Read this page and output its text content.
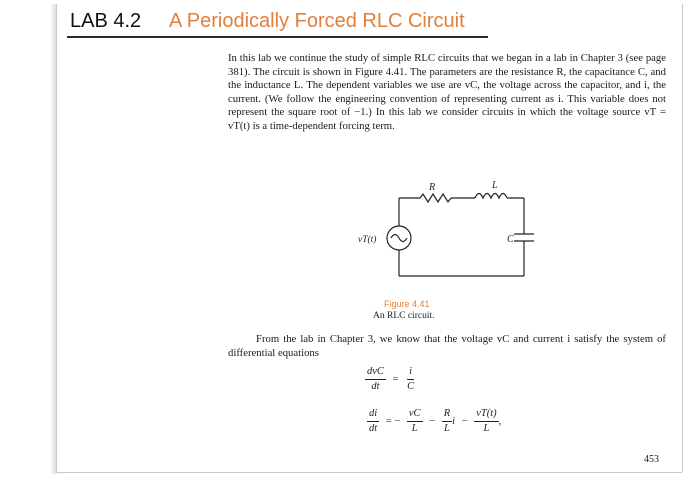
LAB 4.2 A Periodically Forced RLC Circuit

In this lab we continue the study of simple RLC circuits that we began in a lab in Chapter 3 (see page 381). The circuit is shown in Figure 4.41. The parameters are the resistance R, the capacitance C, and the inductance L. The dependent variables we use are vC, the voltage across the capacitor, and i, the current. (We follow the engineering convention of representing current as i. This variable does not represent the square root of −1.) In this lab we consider circuits in which the voltage source vT = vT(t) is a time-dependent forcing term.

R	L
C
vT(t)
Figure 4.41
An RLC circuit.

From the lab in Chapter 3, we know that the voltage vC and current i satisfy the system of differential equations

$\frac{\text{dvC}}{dt} = \frac{i}{C}$
$\frac{di}{dt}$ = − $\frac{vC}{L} - \frac{R}{L}$ $i - \frac{vT(t)}{L}$ ,
453
